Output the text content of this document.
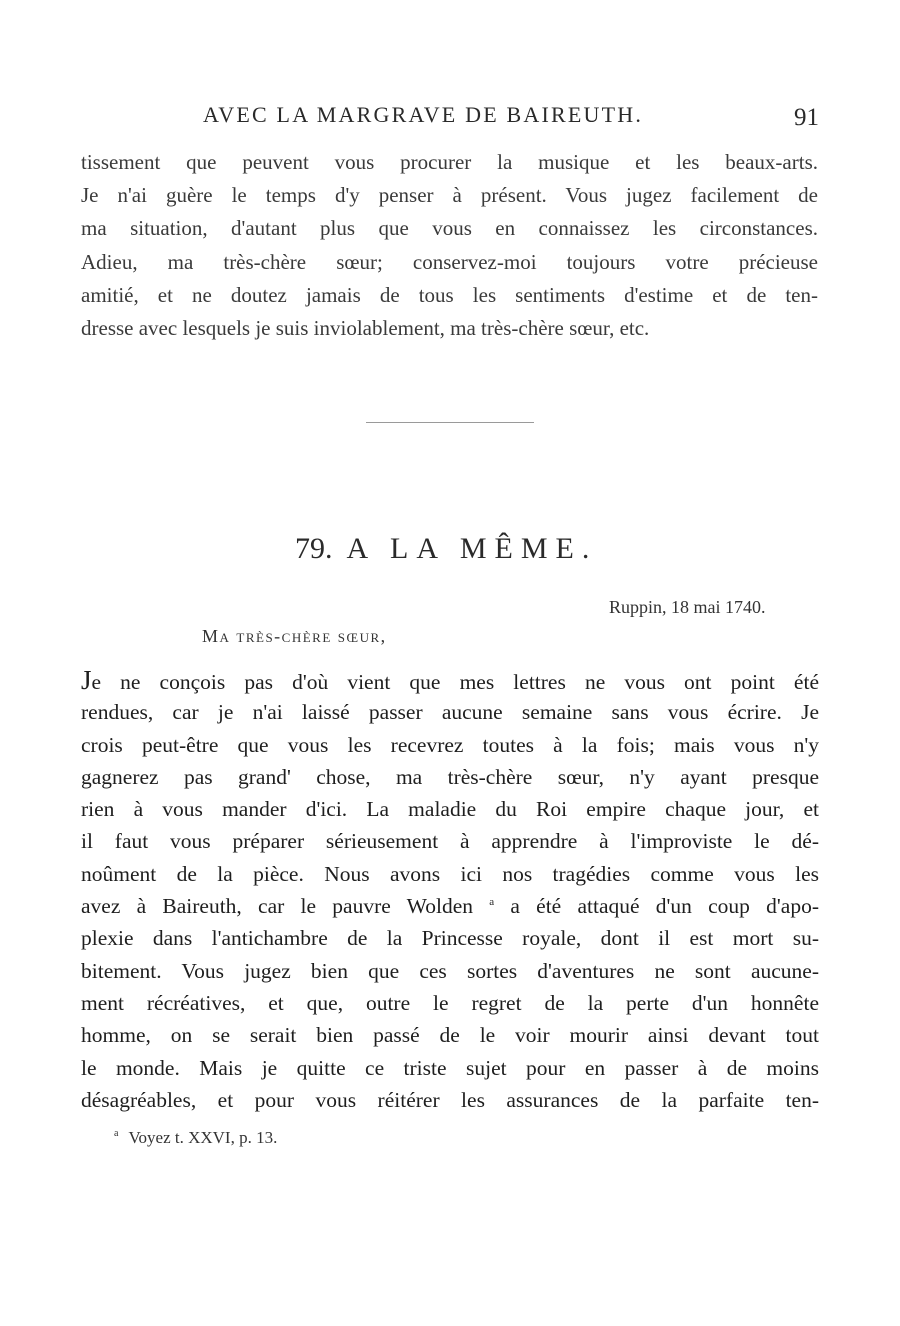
AVEC LA MARGRAVE DE BAIREUTH.	91
tissement que peuvent vous procurer la musique et les beaux-arts.
Je n'ai guère le temps d'y penser à présent. Vous jugez facilement de
ma situation, d'autant plus que vous en connaissez les circonstances.
Adieu, ma très-chère sœur; conservez-moi toujours votre précieuse
amitié, et ne doutez jamais de tous les sentiments d'estime et de ten-
dresse avec lesquels je suis inviolablement, ma très-chère sœur, etc.
79. A LA MÊME.
Ruppin, 18 mai 1740.
Ma très-chère sœur,
Je ne conçois pas d'où vient que mes lettres ne vous ont point été
rendues, car je n'ai laissé passer aucune semaine sans vous écrire. Je
crois peut-être que vous les recevrez toutes à la fois; mais vous n'y
gagnerez pas grand' chose, ma très-chère sœur, n'y ayant presque
rien à vous mander d'ici. La maladie du Roi empire chaque jour, et
il faut vous préparer sérieusement à apprendre à l'improviste le dé-
noûment de la pièce. Nous avons ici nos tragédies comme vous les
avez à Baireuth, car le pauvre Wolden $^a$ a été attaqué d'un coup d'apo-
plexie dans l'antichambre de la Princesse royale, dont il est mort su-
bitement. Vous jugez bien que ces sortes d'aventures ne sont aucune-
ment récréatives, et que, outre le regret de la perte d'un honnête
homme, on se serait bien passé de le voir mourir ainsi devant tout
le monde. Mais je quitte ce triste sujet pour en passer à de moins
désagréables, et pour vous réitérer les assurances de la parfaite ten-
$^a$ Voyez t. XXVI, p. 13.
